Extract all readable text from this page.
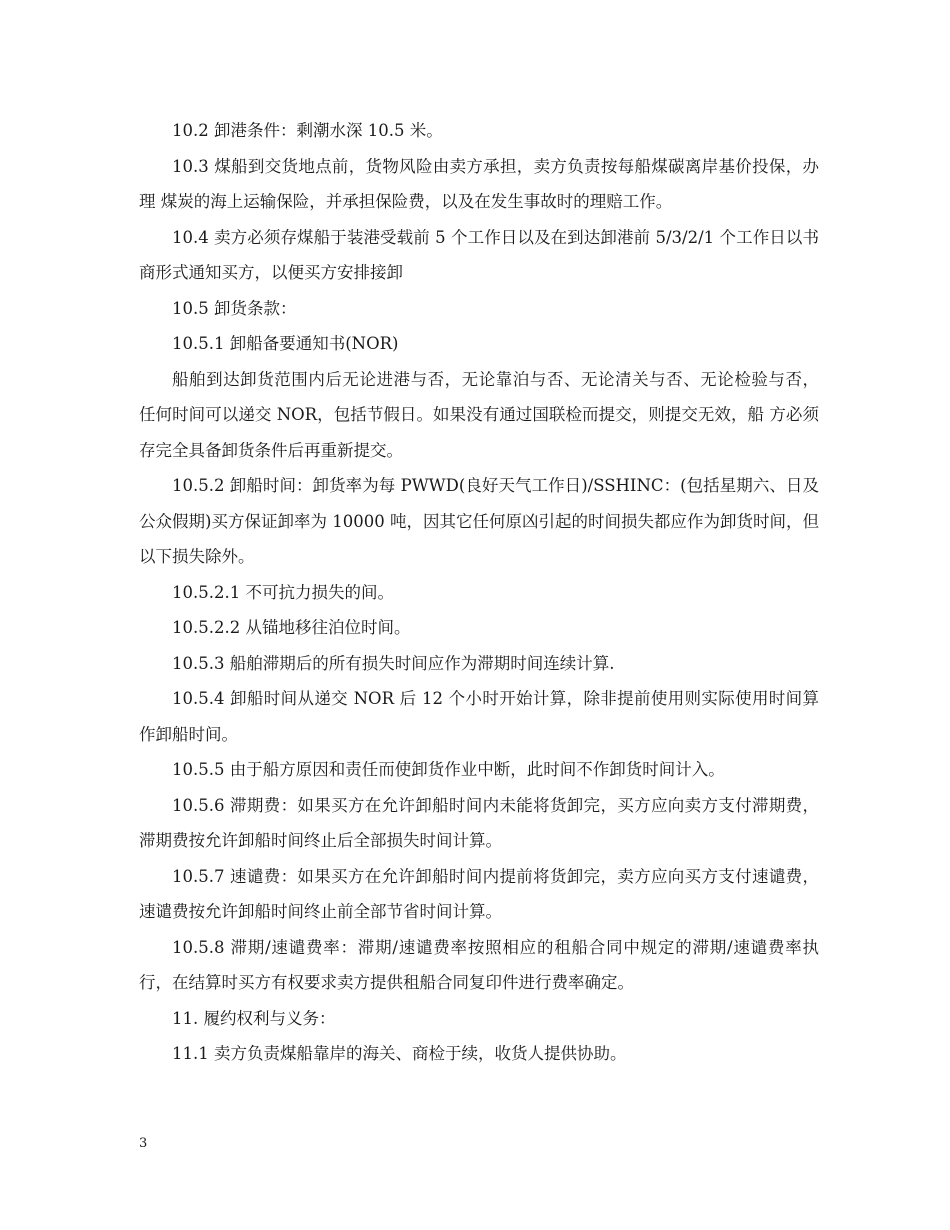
10.2 卸港条件：剩潮水深 10.5 米。

10.3 煤船到交货地点前，货物风险由卖方承担，卖方负责按每船煤碳离岸基价投保，办理 煤炭的海上运输保险，并承担保险费，以及在发生事故时的理赔工作。

10.4 卖方必须存煤船于装港受载前 5 个工作日以及在到达卸港前 5/3/2/1 个工作日以书商形式通知买方，以便买方安排接卸

10.5 卸货条款：

10.5.1 卸船备要通知书(NOR)

船舶到达卸货范围内后无论进港与否，无论靠泊与否、无论清关与否、无论检验与否， 任何时间可以递交 NOR，包括节假日。如果没有通过国联检而提交，则提交无效，船 方必须存完全具备卸货条件后再重新提交。

10.5.2 卸船时间：卸货率为每 PWWD(良好天气工作日)/SSHINC：(包括星期六、日及公众假期)买方保证卸率为 10000 吨，因其它任何原凶引起的时间损失都应作为卸货时间，但以下损失除外。

10.5.2.1 不可抗力损失的间。

10.5.2.2 从锚地移往泊位时间。

10.5.3 船舶滞期后的所有损失时间应作为滞期时间连续计算.

10.5.4 卸船时间从递交 NOR 后 12 个小时开始计算，除非提前使用则实际使用时间算作卸船时间。

10.5.5 由于船方原因和责任而使卸货作业中断，此时间不作卸货时间计入。

10.5.6 滞期费：如果买方在允许卸船时间内未能将货卸完，买方应向卖方支付滞期费，滞期费按允许卸船时间终止后全部损失时间计算。

10.5.7 速谴费：如果买方在允许卸船时间内提前将货卸完，卖方应向买方支付速谴费，速谴费按允许卸船时间终止前全部节省时间计算。

10.5.8 滞期/速谴费率：滞期/速谴费率按照相应的租船合同中规定的滞期/速谴费率执行，在结算时买方有权要求卖方提供租船合同复印件进行费率确定。

11. 履约权利与义务：

11.1 卖方负责煤船靠岸的海关、商检于续，收货人提供协助。

3
